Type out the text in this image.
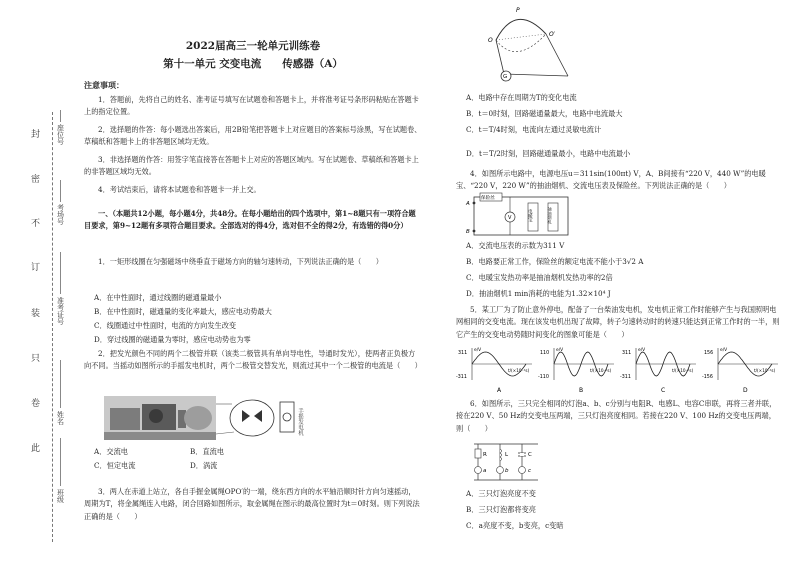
封
密
不
订
装
只
卷
此
班级
姓名
准考证号
考场号
座位号
2022届高三一轮单元训练卷
第十一单元 交变电流　　传感器（A）
注意事项：
1．答题前，先将自己的姓名、准考证号填写在试题卷和答题卡上，并将准考证号条形码粘贴在答题卡上的指定位置。
2．选择题的作答：每小题选出答案后，用2B铅笔把答题卡上对应题目的答案标号涂黑，写在试题卷、草稿纸和答题卡上的非答题区域均无效。
3．非选择题的作答：用签字笔直接答在答题卡上对应的答题区域内。写在试题卷、草稿纸和答题卡上的非答题区域均无效。
4．考试结束后，请将本试题卷和答题卡一并上交。
一、（本题共12小题，每小题4分，共48分。在每小题给出的四个选项中，第1~8题只有一项符合题目要求，第9~12题有多项符合题目要求。全部选对的得4分，选对但不全的得2分，有选错的得0分）
1．一矩形线圈在匀强磁场中绕垂直于磁场方向的轴匀速转动，下列说法正确的是（　　）
A．在中性面时，通过线圈的磁通量最小
B．在中性面时，磁通量的变化率最大，感应电动势最大
C．线圈通过中性面时，电流的方向发生改变
D．穿过线圈的磁通量为零时，感应电动势也为零
2．把发光颜色不同的两个二极管并联（该类二极管具有单向导电性，导通时发光），使两者正负极方向不同。当摇动如图所示的手摇发电机时，两个二极管交替发光，则流过其中一个二极管的电流是（　　）
手摇发电机
A．交流电	B．直流电
C．恒定电流	D．涡流
3．两人在赤道上站立，各自手握金属绳OPO′的一端，绕东西方向的水平轴沿顺时针方向匀速摇动，周期为T，将金属绳连入电路，闭合回路如图所示，取金属绳在图示的最高位置时为t＝0时刻。则下列说法正确的是（　　）
G
P
O
O′
A．电路中存在周期为T的变化电流
B．t＝0时刻，回路磁通量最大，电路中电流最大
C．t＝T/4时刻，电流向左通过灵敏电流计
D．t＝T/2时刻，回路磁通量最小，电路中电流最小
4．如图所示电路中，电源电压u＝311sin(100πt) V，A、B间接有“220 V，440 W”的电暖宝、“220 V，220 W”的抽油烟机、交流电压表及保险丝。下列说法正确的是（　　）
保险丝
V	电暖宝	抽油烟机
A
B
A．交流电压表的示数为311 V
B．电路要正常工作，保险丝的额定电流不能小于3√2 A
C．电暖宝发热功率是抽油烟机发热功率的2倍
D．抽油烟机1 min消耗的电能为1.32×10⁴ J
5．某工厂为了防止意外停电，配备了一台柴油发电机，发电机正常工作时能够产生与我国照明电网相同的交变电流。现在该发电机出现了故障，转子匀速转动时的转速只能达到正常工作时的一半，则它产生的交变电动势随时间变化的图象可能是（　　）
311
-311
e/V
t/(×10⁻²s)
A
110
-110
e/V
t/(×10⁻²s)
B
311
-311
e/V
t/(×10⁻²s)
C
156
-156
e/V
t/(×10⁻²s)
D
6．如图所示，三只完全相同的灯泡a、b、c分别与电阻R、电感L、电容C串联，再将三者并联，接在220 V、50 Hz的交变电压两端，三只灯泡亮度相同。若接在220 V、100 Hz的交变电压两端，则（　　）
R	L	C
a	b	c
A．三只灯泡亮度不变
B．三只灯泡都将变亮
C．a亮度不变，b变亮，c变暗
